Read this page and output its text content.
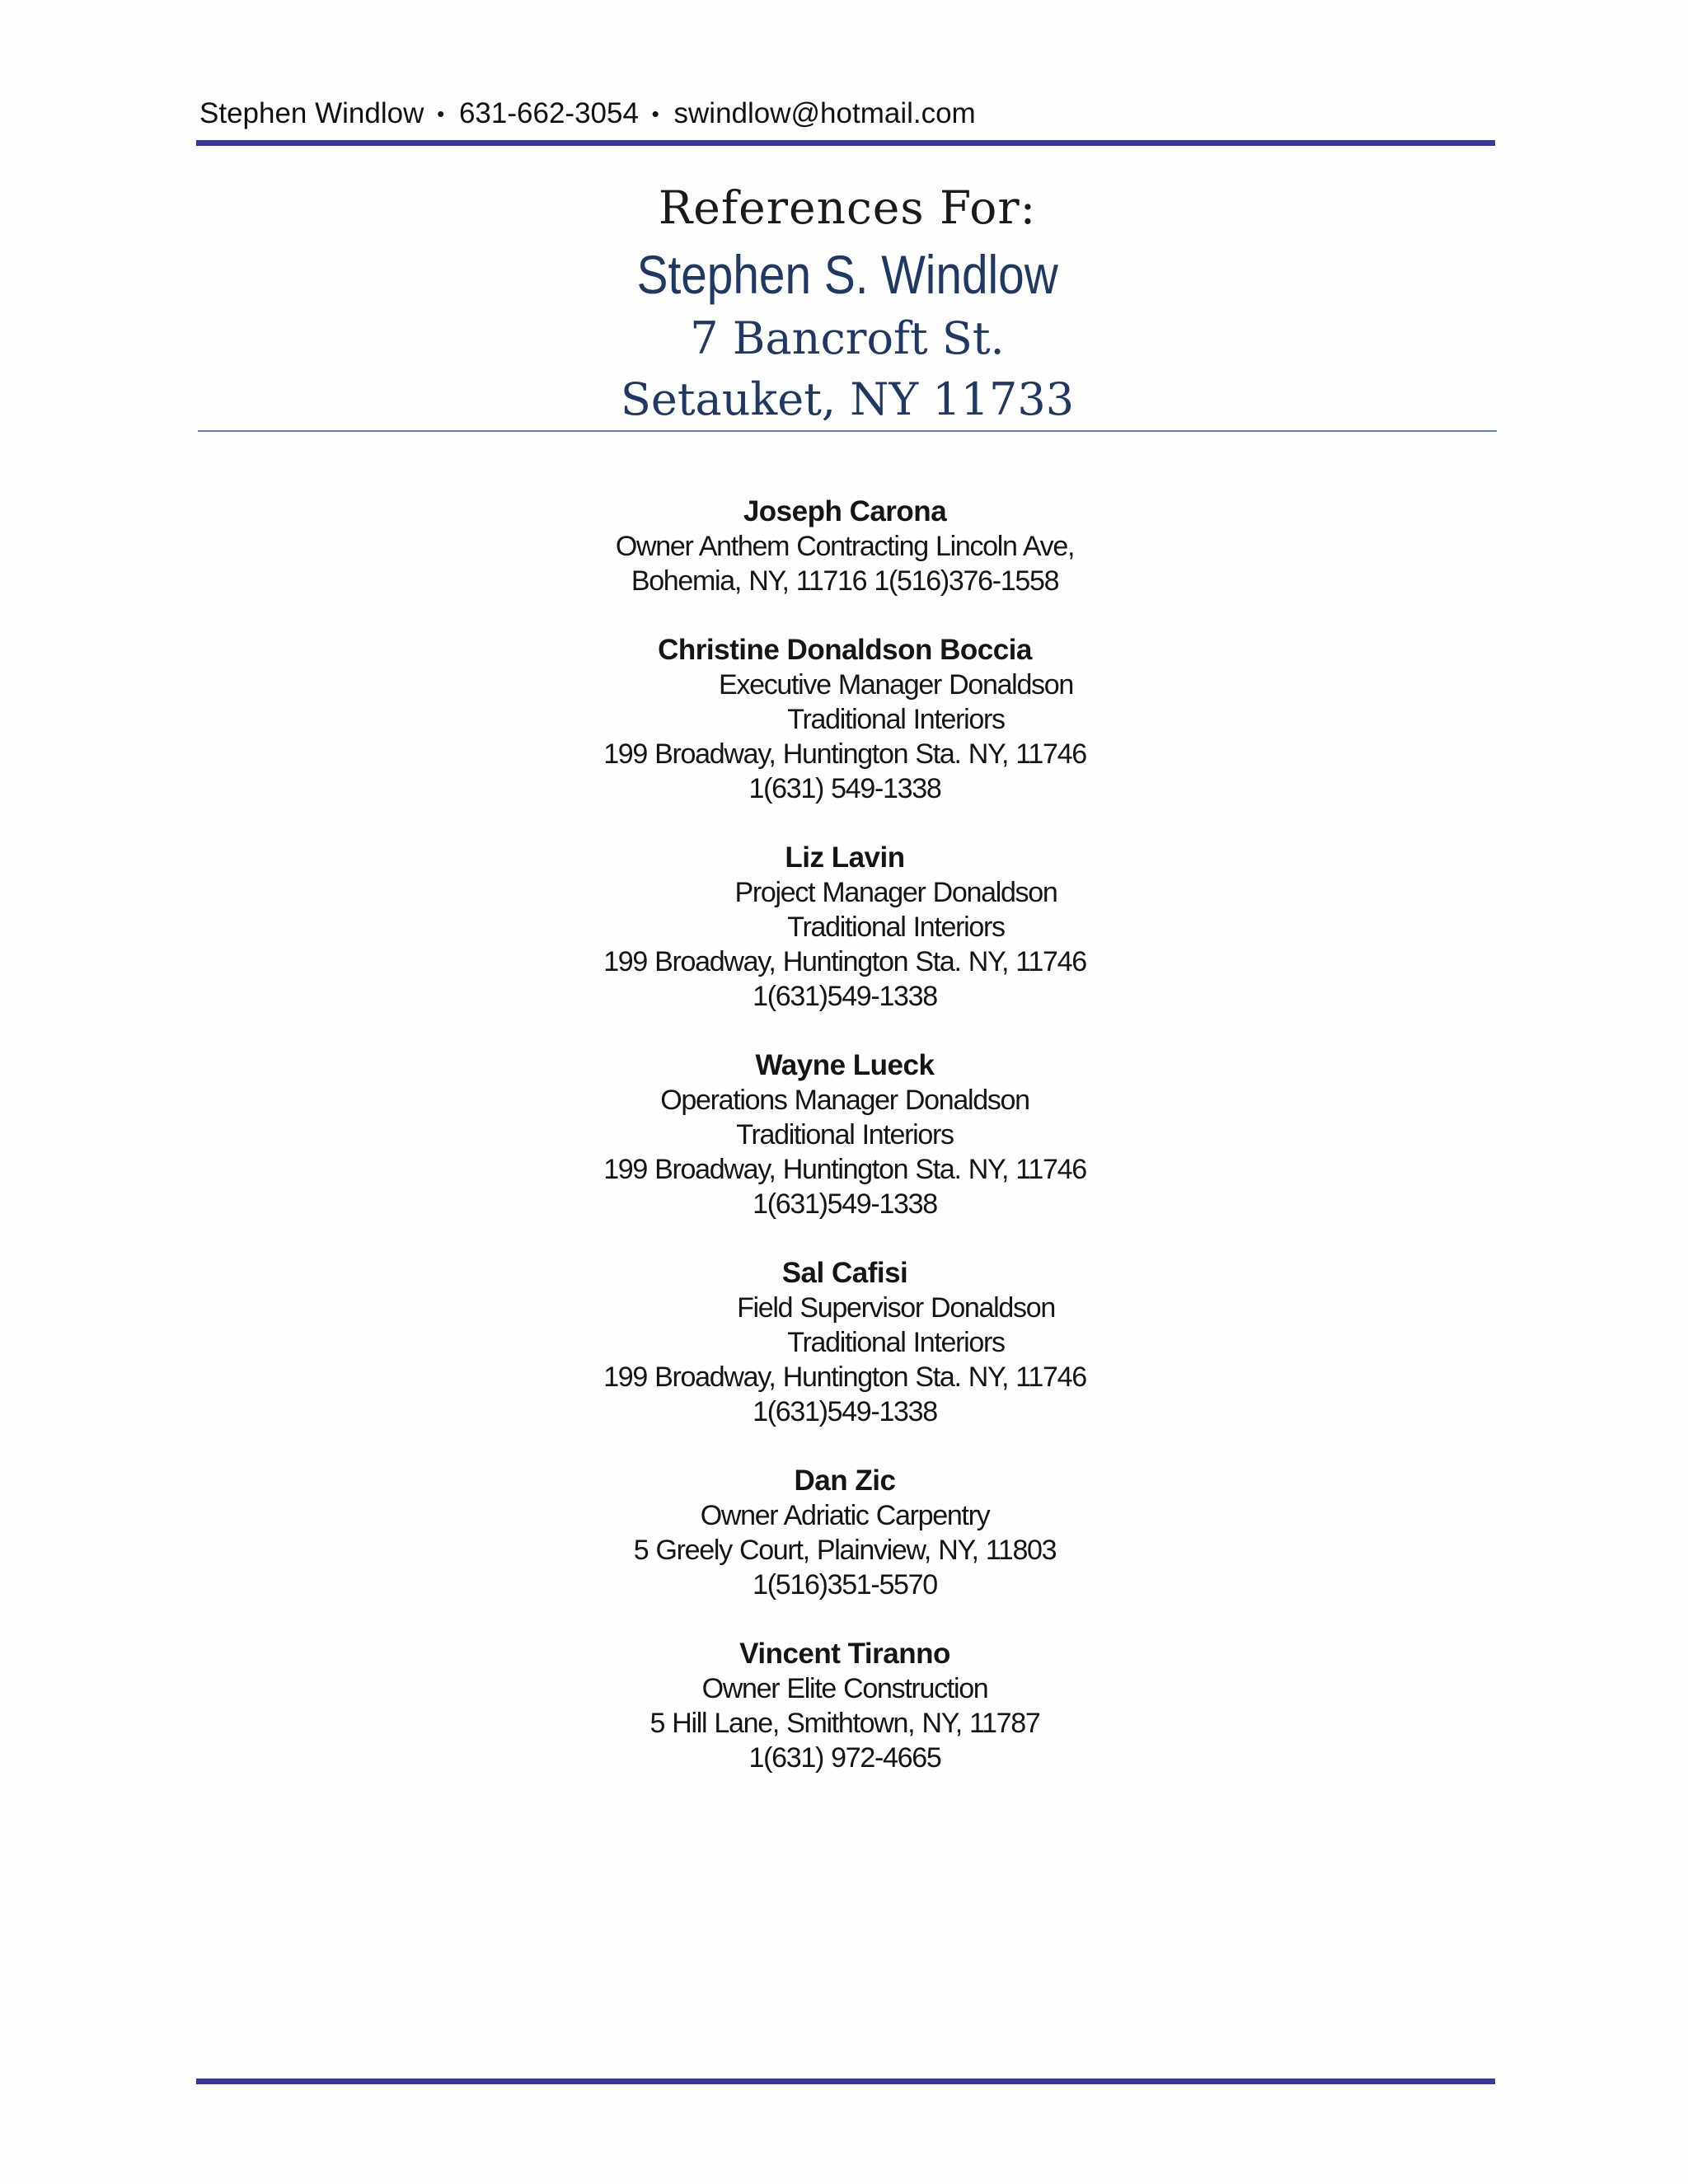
Stephen Windlow • 631-662-3054 • swindlow@hotmail.com
References For:
Stephen S. Windlow
7 Bancroft St.
Setauket, NY 11733
Joseph Carona
Owner Anthem Contracting Lincoln Ave,
Bohemia, NY, 11716 1(516)376-1558
Christine Donaldson Boccia
Executive Manager Donaldson
Traditional Interiors
199 Broadway, Huntington Sta. NY, 11746
1(631) 549-1338
Liz Lavin
Project Manager Donaldson
Traditional Interiors
199 Broadway, Huntington Sta. NY, 11746
1(631)549-1338
Wayne Lueck
Operations Manager Donaldson
Traditional Interiors
199 Broadway, Huntington Sta. NY, 11746
1(631)549-1338
Sal Cafisi
Field Supervisor Donaldson
Traditional Interiors
199 Broadway, Huntington Sta. NY, 11746
1(631)549-1338
Dan Zic
Owner Adriatic Carpentry
5 Greely Court, Plainview, NY, 11803
1(516)351-5570
Vincent Tiranno
Owner Elite Construction
5 Hill Lane, Smithtown, NY, 11787
1(631) 972-4665
